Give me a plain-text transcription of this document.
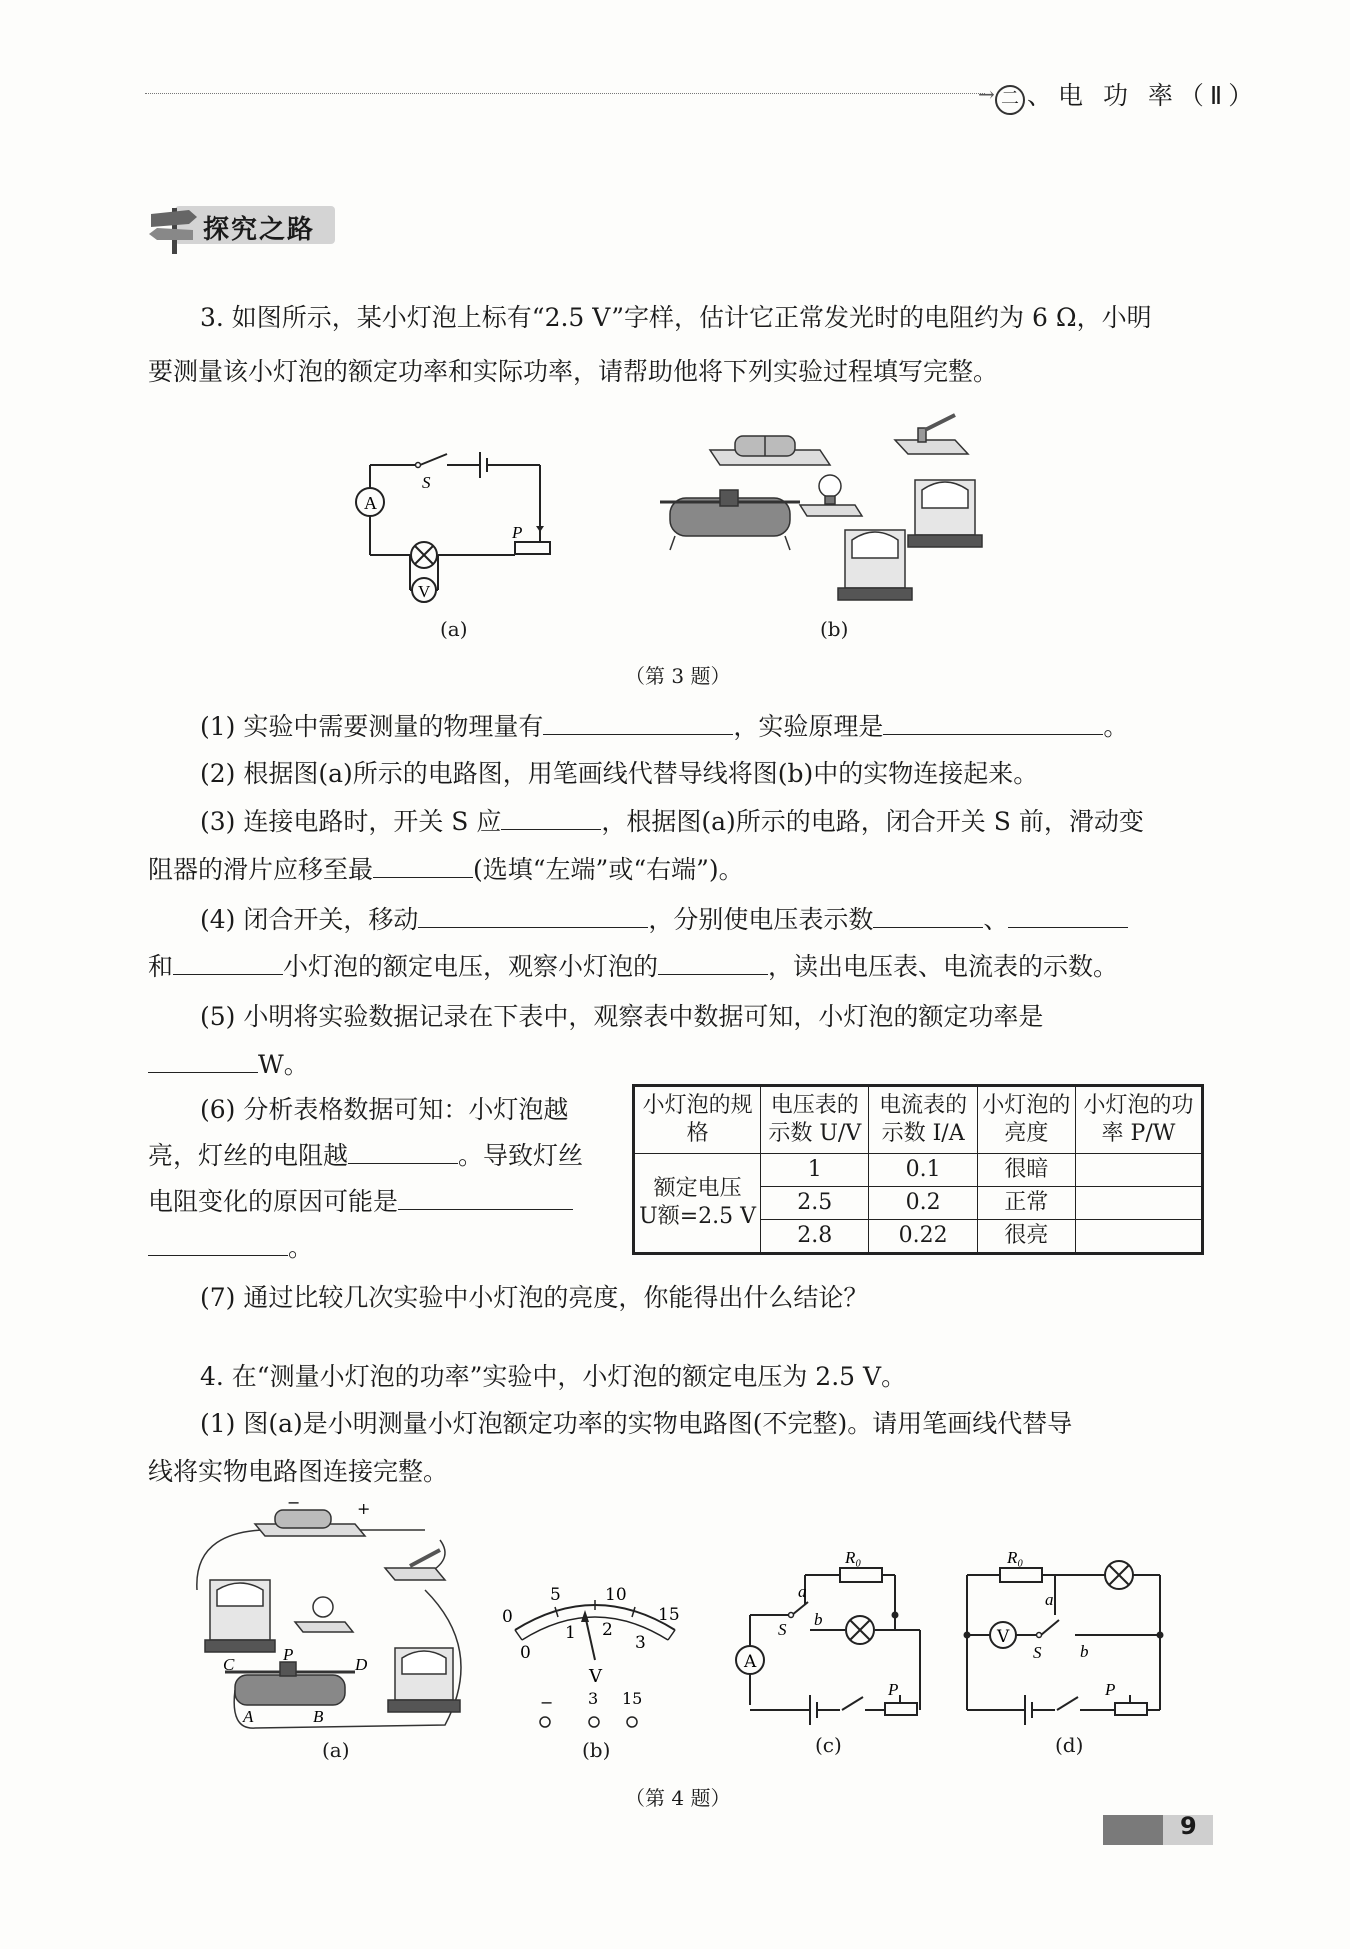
→ 二 、电 功 率（Ⅱ）
探究之路
3. 如图所示，某小灯泡上标有“2.5 V”字样，估计它正常发光时的电阻约为 6 Ω，小明
要测量该小灯泡的额定功率和实际功率，请帮助他将下列实验过程填写完整。
A
V
S
P
(a)	(b)
（第 3 题）
(1) 实验中需要测量的物理量有	，实验原理是	。
(2) 根据图(a)所示的电路图，用笔画线代替导线将图(b)中的实物连接起来。
(3) 连接电路时，开关 S 应	，根据图(a)所示的电路，闭合开关 S 前，滑动变
阻器的滑片应移至最	(选填“左端”或“右端”)。
(4) 闭合开关，移动	，分别使电压表示数	、
和	小灯泡的额定电压，观察小灯泡的	，读出电压表、电流表的示数。
(5) 小明将实验数据记录在下表中，观察表中数据可知，小灯泡的额定功率是
W。
(6) 分析表格数据可知：小灯泡越
亮，灯丝的电阻越	。导致灯丝
电阻变化的原因可能是
。
小灯泡的规格	电压表的示数 U/V	电流表的示数 I/A	小灯泡的亮度	小灯泡的功率 P/W

额定电压
U额=2.5 V	1	0.1	很暗	
	2.5	0.2	正常	
	2.8	0.22	很亮	
(7) 通过比较几次实验中小灯泡的亮度，你能得出什么结论？
4. 在“测量小灯泡的功率”实验中，小灯泡的额定电压为 2.5 V。
(1) 图(a)是小明测量小灯泡额定功率的实物电路图(不完整)。请用笔画线代替导
线将实物电路图连接完整。
−	+
C
P
D
A	B
(a)
0
5	10
15
0
1 2
3
V
− 3 15
(b)
A
R₀
a
S
b
P
(c)
V
R₀
a
S b
P
(d)
（第 4 题）
9
